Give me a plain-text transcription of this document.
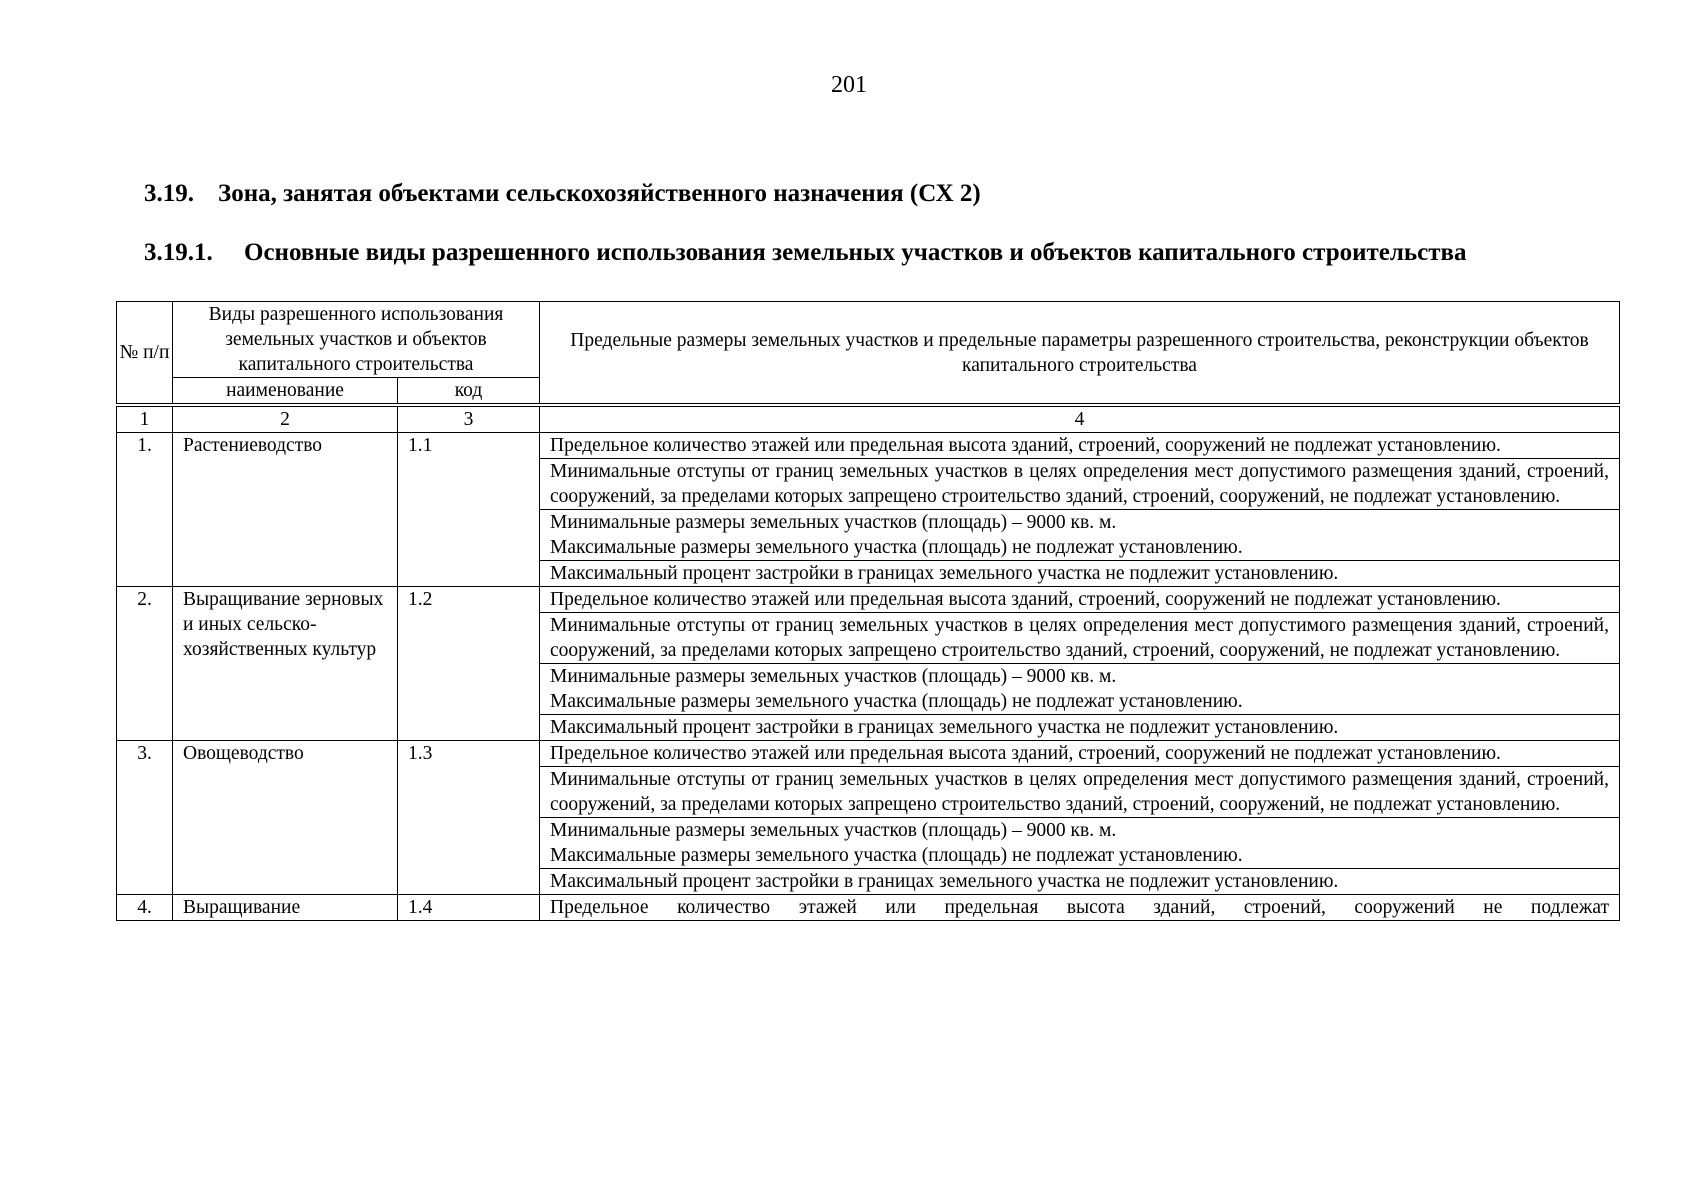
201
3.19. Зона, занятая объектами сельскохозяйственного назначения (СХ 2)
3.19.1. Основные виды разрешенного использования земельных участков и объектов капитального строительства
№ п/п	Виды разрешенного использования земельных участков и объектов капитального строительства		Предельные размеры земельных участков и предельные параметры разрешенного строительства, реконструкции объектов капитального строительства
	наименование	код	
1	2	3	4
1.	Растениеводство	1.1	Предельное количество этажей или предельная высота зданий, строений, сооружений не подлежат установлению.
			Минимальные отступы от границ земельных участков в целях определения мест допустимого размещения зданий, строений, сооружений, за пределами которых запрещено строительство зданий, строений, сооружений, не подлежат установлению.

			Минимальные размеры земельных участков (площадь) – 9000 кв. м.
Максимальные размеры земельного участка (площадь) не подлежат установлению.

			Максимальный процент застройки в границах земельного участка не подлежит установлению.
2.	Выращивание зерновых и иных сельско-хозяйственных культур	1.2	Предельное количество этажей или предельная высота зданий, строений, сооружений не подлежат установлению.
			Минимальные отступы от границ земельных участков в целях определения мест допустимого размещения зданий, строений, сооружений, за пределами которых запрещено строительство зданий, строений, сооружений, не подлежат установлению.

			Минимальные размеры земельных участков (площадь) – 9000 кв. м.
Максимальные размеры земельного участка (площадь) не подлежат установлению.

			Максимальный процент застройки в границах земельного участка не подлежит установлению.
3.	Овощеводство	1.3	Предельное количество этажей или предельная высота зданий, строений, сооружений не подлежат установлению.
			Минимальные отступы от границ земельных участков в целях определения мест допустимого размещения зданий, строений, сооружений, за пределами которых запрещено строительство зданий, строений, сооружений, не подлежат установлению.

			Минимальные размеры земельных участков (площадь) – 9000 кв. м.
Максимальные размеры земельного участка (площадь) не подлежат установлению.

			Максимальный процент застройки в границах земельного участка не подлежит установлению.
4.	Выращивание	1.4	Предельное количество этажей или предельная высота зданий, строений, сооружений не подлежат
